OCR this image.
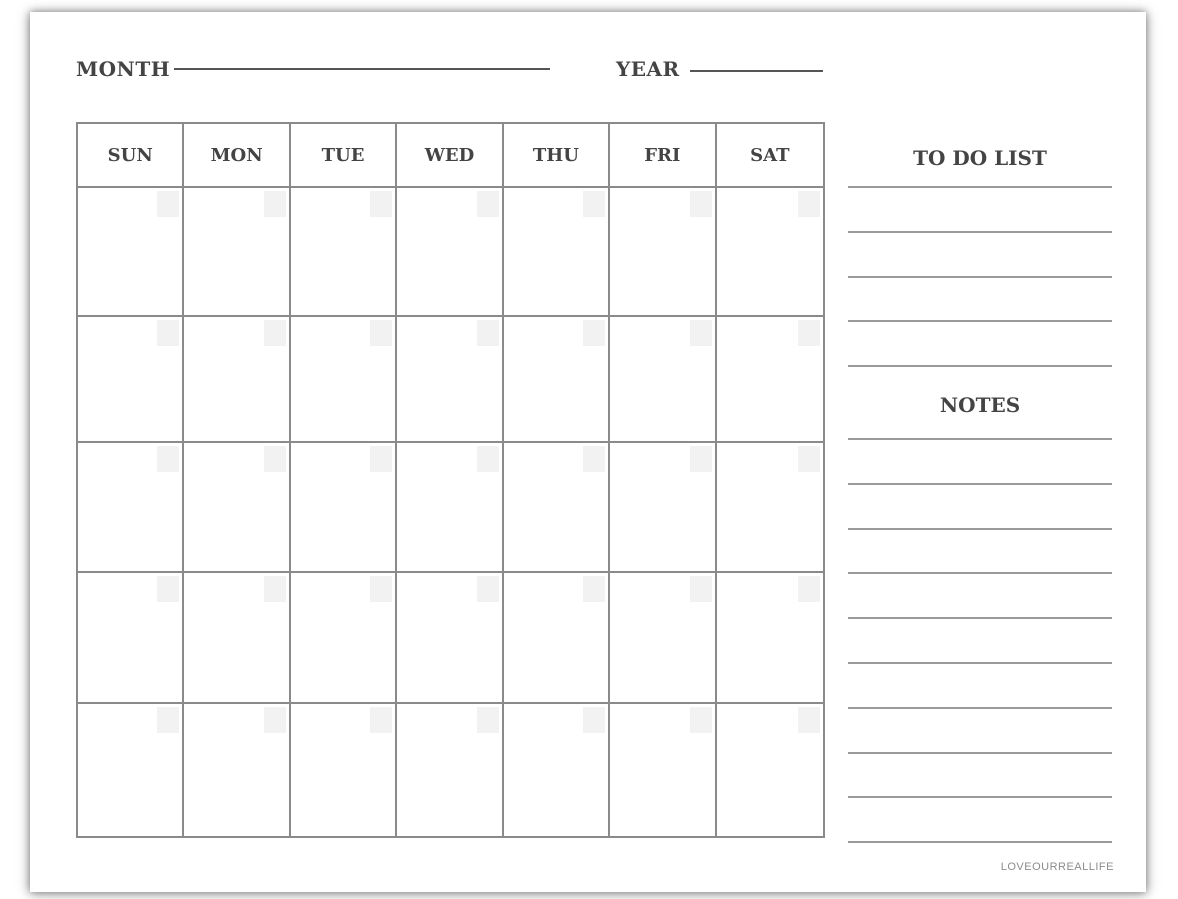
MONTH	YEAR
SUN	MON	TUE	WED	THU	FRI	SAT	TO DO LIST
NOTES
LOVEOURREALLIFE
